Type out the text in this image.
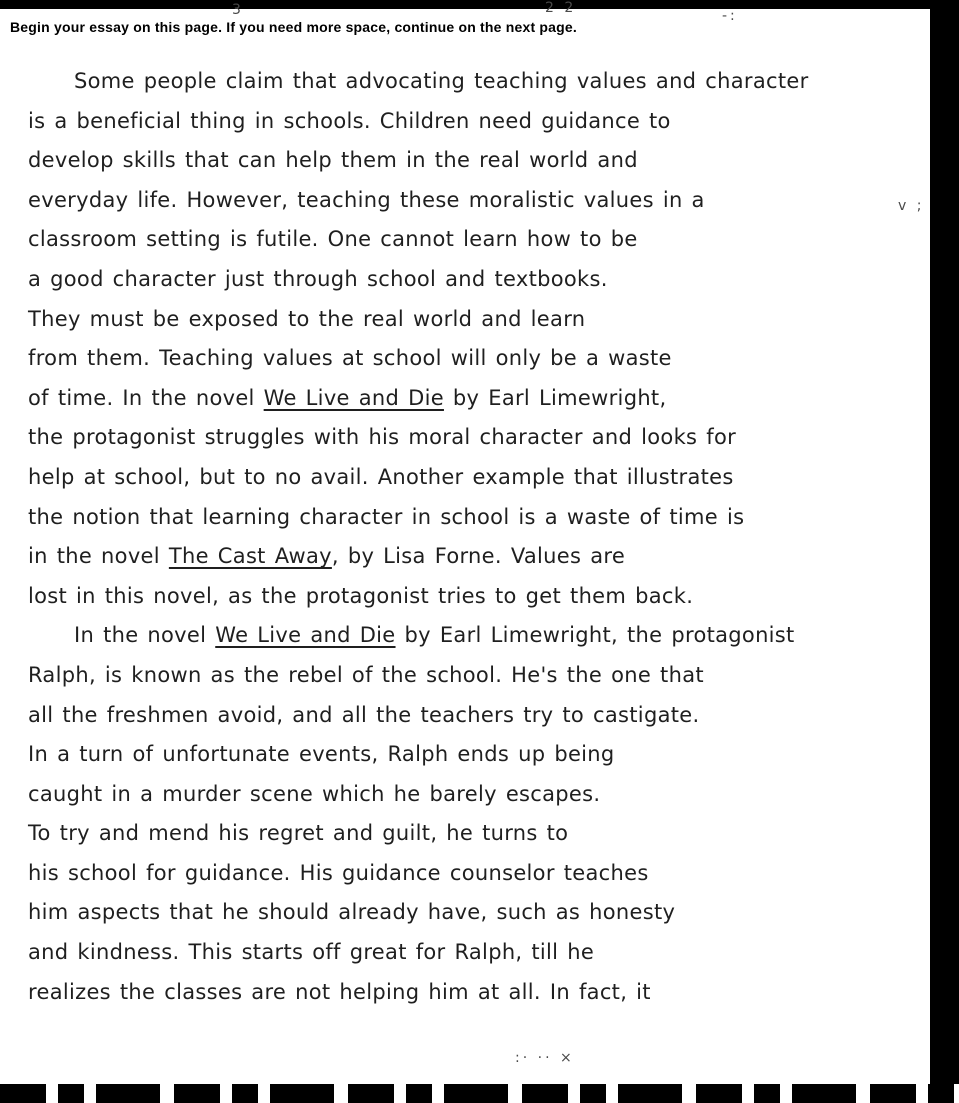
3	2 2	-:
v ;
:· ·· ×
Begin your essay on this page. If you need more space, continue on the next page.
Some people claim that advocating teaching values and character
is a beneficial thing in schools. Children need guidance to
develop skills that can help them in the real world and
everyday life. However, teaching these moralistic values in a
classroom setting is futile. One cannot learn how to be
a good character just through school and textbooks.
They must be exposed to the real world and learn
from them. Teaching values at school will only be a waste
of time. In the novel We Live and Die by Earl Limewright,
the protagonist struggles with his moral character and looks for
help at school, but to no avail. Another example that illustrates
the notion that learning character in school is a waste of time is
in the novel The Cast Away, by Lisa Forne. Values are
lost in this novel, as the protagonist tries to get them back.
In the novel We Live and Die by Earl Limewright, the protagonist
Ralph, is known as the rebel of the school. He's the one that
all the freshmen avoid, and all the teachers try to castigate.
In a turn of unfortunate events, Ralph ends up being
caught in a murder scene which he barely escapes.
To try and mend his regret and guilt, he turns to
his school for guidance. His guidance counselor teaches
him aspects that he should already have, such as honesty
and kindness. This starts off great for Ralph, till he
realizes the classes are not helping him at all. In fact, it
